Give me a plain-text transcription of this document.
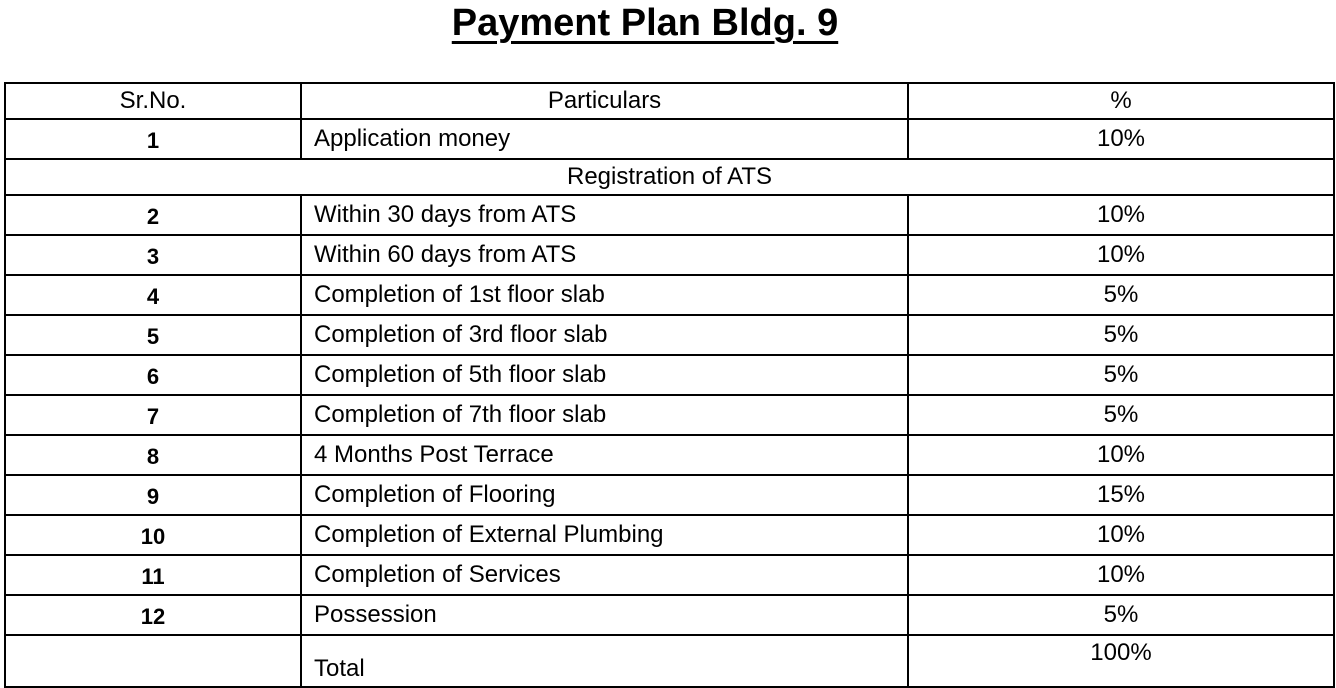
Payment Plan Bldg. 9
Sr.No.	Particulars	%
1	Application money	10%
Registration of ATS		
2	Within 30 days from ATS	10%
3	Within 60 days from ATS	10%
4	Completion of 1st floor slab	5%
5	Completion of 3rd floor slab	5%
6	Completion of 5th floor slab	5%
7	Completion of 7th floor slab	5%
8	4 Months Post Terrace	10%
9	Completion of Flooring	15%
10	Completion of External Plumbing	10%
11	Completion of Services	10%
12	Possession	5%
	Total	100%
